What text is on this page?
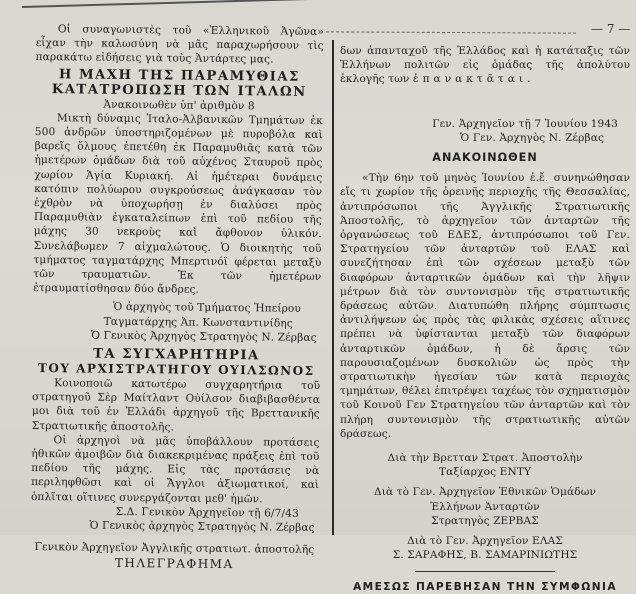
— 7 —

Οἱ συναγωνιστὲς τοῦ «Ἑλληνικοῦ Ἀγῶνα» εἶχαν τὴν καλωσύνη νὰ μᾶς παραχωρήσουν τὶς παρακάτω εἰδήσεις γιὰ τοὺς Ἀντάρτες μας.

Η ΜΑΧΗ ΤΗΣ ΠΑΡΑΜΥΘΙΑΣ
ΚΑΤΑΤΡΟΠΩΣΗ ΤΩΝ ΙΤΑΛΩΝ
Ἀνακοινωθὲν ὑπ' ἀριθμὸν 8

Μικτὴ δύναμις Ἰταλο-Ἀλβανικῶν Τμημάτων ἐκ 500 ἀνδρῶν ὑποστηριζομένων μὲ πυροβόλα καὶ βαρεῖς ὅλμους ἐπετέθη ἐκ Παραμυθιᾶς κατὰ τῶν ἡμετέρων ὁμάδων διὰ τοῦ αὐχένος Σταυροῦ πρὸς χωρίον Ἁγία Κυριακή. Αἱ ἡμέτεραι δυνάμεις κατόπιν πολύωρου συγκρούσεως ἀνάγκασαν τὸν ἐχθρὸν νὰ ὑποχωρήσῃ ἐν διαλύσει πρὸς Παραμυθιὰν ἐγκαταλείπων ἐπὶ τοῦ πεδίου τῆς μάχης 30 νεκροὺς καὶ ἄφθονον ὑλικόν. Συνελάβωμεν 7 αἰχμαλώτους. Ὁ διοικητὴς τοῦ τμήματος ταγματάρχης Μπερτινόϊ φέρεται μεταξὺ τῶν τραυματιῶν. Ἐκ τῶν ἡμετέρων ἐτραυματίσθησαν δύο ἄνδρες.

Ὁ ἀρχηγὸς τοῦ Τμήματος Ἠπείρου
Ταγματάρχης Ἀπ. Κωνσταντινίδης
Ὁ Γενικὸς Ἀρχηγὸς Στρατηγὸς Ν. Ζέρβας
ΤΑ ΣΥΓΧΑΡΗΤΗΡΙΑ
ΤΟΥ ΑΡΧΙΣΤΡΑΤΗΓΟΥ ΟΥΙΛΣΩΝΟΣ

Κοινοποιῶ κατωτέρω συγχαρητήρια τοῦ στρατηγοῦ Σὲρ Μαίτλαντ Οὐίλσον διαβιβασθέντα μοι διὰ τοῦ ἐν Ἑλλάδι ἀρχηγοῦ τῆς Βρεττανικῆς Στρατιωτικῆς ἀποστολῆς.

Οἱ ἀρχηγοὶ νὰ μᾶς ὑποβάλλουν προτάσεις ἠθικῶν ἀμοιβῶν διὰ διακεκριμένας πράξεις ἐπὶ τοῦ πεδίου τῆς μάχης. Εἰς τὰς προτάσεις νὰ περιληφθῶσι καὶ οἱ Ἄγγλοι ἀξιωματικοί, καὶ ὁπλῖται οἵτινες συνεργάζονται μεθ' ἡμῶν.

Σ.Δ. Γενικὸν Ἀρχηγεῖον τῇ 6/7/43
Ὁ Γενικὸς ἀρχηγὸς Στρατηγὸς Ν. Ζέρβας
Γενικὸν Ἀρχηγεῖον Ἀγγλικῆς στρατιωτ. ἀποστολῆς
ΤΗΛΕΓΡΑΦΗΜΑ

δων ἁπανταχοῦ τῆς Ἑλλάδος καὶ ἡ κατάταξις τῶν Ἑλλήνων πολιτῶν εἰς ὁμάδας τῆς ἀπολύτου ἐκλογῆς των ἐπανακτᾶται.

Γεν. Ἀρχηγεῖον τῇ 7 Ἰουνίου 1943
Ὁ Γεν. Ἀρχηγὸς Ν. Ζέρβας
ΑΝΑΚΟΙΝΩΘΕΝ

«Τὴν 6ην τοῦ μηνὸς Ἰουνίου ἐ.ἔ. συνηνώθησαν εἴς τι χωρίον τῆς ὀρεινῆς περιοχῆς τῆς Θεσσαλίας, ἀντιπρόσωποι τῆς Ἀγγλικῆς Στρατιωτικῆς Ἀποστολῆς, τὸ ἀρχηγεῖον τῶν ἀνταρτῶν τῆς ὀργανώσεως τοῦ ΕΔΕΣ, ἀντιπρόσωποι τοῦ Γεν. Στρατηγείου τῶν ἀνταρτῶν τοῦ ΕΛΑΣ καὶ συνεζήτησαν ἐπὶ τῶν σχέσεων μεταξὺ τῶν διαφόρων ἀνταρτικῶν ὁμάδων καὶ τὴν λῆψιν μέτρων διὰ τὸν συντονισμὸν τῆς στρατιωτικῆς δράσεως αὐτῶν. Διατυπώθη πλήρης σύμπτωσις ἀντιλήψεων ὡς πρὸς τὰς φιλικὰς σχέσεις αἵτινες πρέπει νὰ ὑφίστανται μεταξὺ τῶν διαφόρων ἀνταρτικῶν ὁμάδων, ἡ δὲ ἄρσις τῶν παρουσιαζομένων δυσκολιῶν ὡς πρὸς τὴν στρατιωτικὴν ἡγεσίαν τῶν κατὰ περιοχὰς τμημάτων, θέλει ἐπιτρέψει ταχέως τὸν σχηματισμὸν τοῦ Κοινοῦ Γεν Στρατηγείου τῶν ἀνταρτῶν καὶ τὸν πλήρη συντονισμὸν τῆς στρατιωτικῆς αὐτῶν δράσεως.

Διὰ τὴν Βρετταν Στρατ. Ἀποστολὴν
Ταξίαρχος ΕΝΤΥ
Διὰ τὸ Γεν. Ἀρχηγεῖον Ἐθνικῶν Ὁμάδων
Ἑλλήνων Ἀνταρτῶν
Στρατηγὸς ΖΕΡΒΑΣ
Διὰ τὸ Γεν. Ἀρχηγεῖον ΕΛΑΣ
Σ. ΣΑΡΑΦΗΣ, Β. ΣΑΜΑΡΙΝΙΩΤΗΣ
ΑΜΕΣΩΣ ΠΑΡΕΒΗΣΑΝ ΤΗΝ ΣΥΜΦΩΝΙΑ
